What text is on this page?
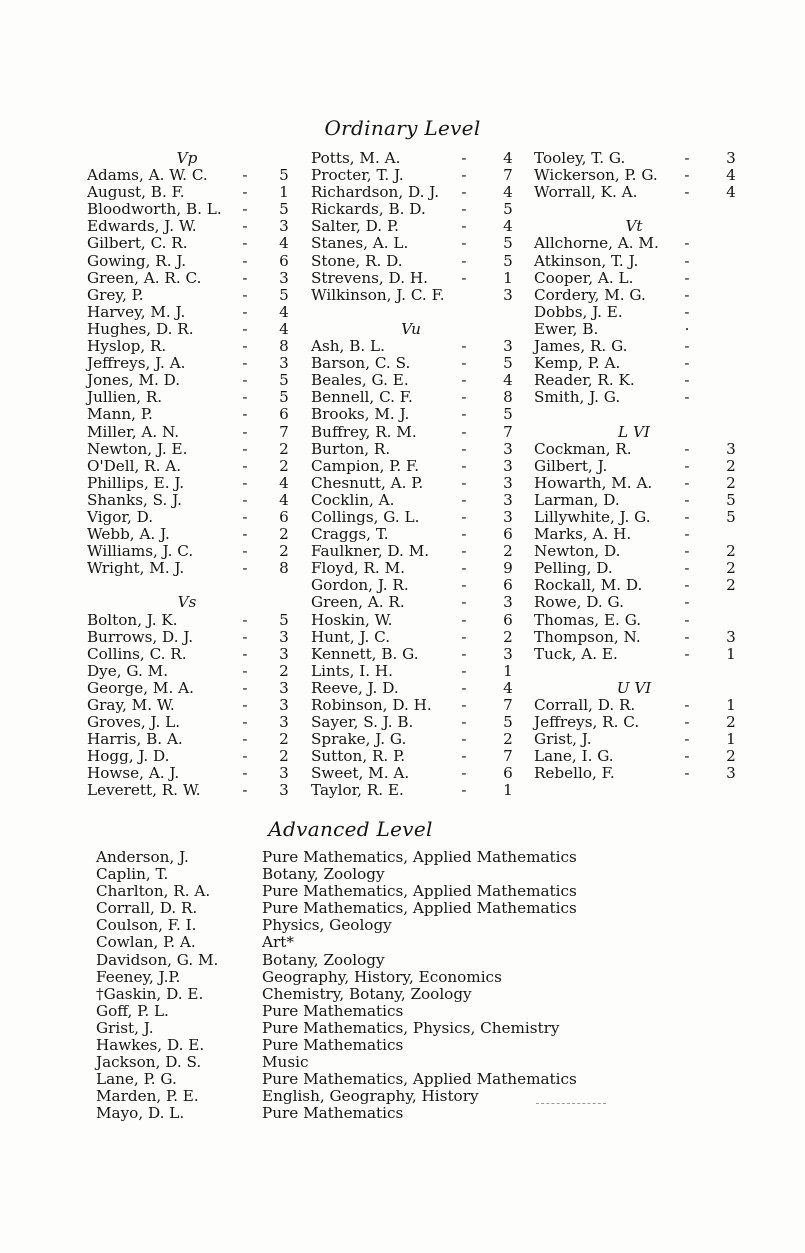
Ordinary Level
Vp
Adams, A. W. C. - 5
August, B. F.	- 1
Bloodworth, B. L. - 5
Edwards, J. W.	- 3
Gilbert, C. R.	- 4
Gowing, R. J.	- 6
Green, A. R. C.	- 3
Grey, P.	- 5
Harvey, M. J.	- 4
Hughes, D. R.	- 4
Hyslop, R.	- 8
Jeffreys, J. A.	- 3
Jones, M. D.	- 5
Jullien, R.	- 5
Mann, P.	- 6
Miller, A. N.	- 7
Newton, J. E.	- 2
O'Dell, R. A.	- 2
Phillips, E. J.	- 4
Shanks, S. J.	- 4
Vigor, D.	- 6
Webb, A. J.	- 2
Williams, J. C.	- 2
Wright, M. J.	- 8
Vs
Bolton, J. K.	- 5
Burrows, D. J.	- 3
Collins, C. R.	- 3
Dye, G. M.	- 2
George, M. A.	- 3
Gray, M. W.	- 3
Groves, J. L.	- 3
Harris, B. A.	- 2
Hogg, J. D.	- 2
Howse, A. J.	- 3
Leverett, R. W.	- 3
Potts, M. A.	- 4
Procter, T. J.	- 7
Richardson, D. J. - 4
Rickards, B. D. - 5
Salter, D. P.	- 4
Stanes, A. L.	- 5
Stone, R. D.	- 5
Strevens, D. H. - 1
Wilkinson, J. C. F.	3
Vu
Ash, B. L.	- 3
Barson, C. S.	- 5
Beales, G. E.	- 4
Bennell, C. F.	- 8
Brooks, M. J.	- 5
Buffrey, R. M.	- 7
Burton, R.	- 3
Campion, P. F.	- 3
Chesnutt, A. P.	- 3
Cocklin, A.	- 3
Collings, G. L.	- 3
Craggs, T.	- 6
Faulkner, D. M. - 2
Floyd, R. M.	- 9
Gordon, J. R.	- 6
Green, A. R.	- 3
Hoskin, W.	- 6
Hunt, J. C.	- 2
Kennett, B. G.	- 3
Lints, I. H.	- 1
Reeve, J. D.	- 4
Robinson, D. H. - 7
Sayer, S. J. B.	- 5
Sprake, J. G.	- 2
Sutton, R. P.	- 7
Sweet, M. A.	- 6
Taylor, R. E.	- 1
Tooley, T. G.	- 3
Wickerson, P. G. - 4
Worrall, K. A.	- 4
Vt
Allchorne, A. M. -
Atkinson, T. J.	-
Cooper, A. L.	-
Cordery, M. G.	-
Dobbs, J. E.	-
Ewer, B.	·
James, R. G.	-
Kemp, P. A.	-
Reader, R. K.	-
Smith, J. G.	-
L VI
Cockman, R.	- 3
Gilbert, J.	- 2
Howarth, M. A. - 2
Larman, D.	- 5
Lillywhite, J. G. - 5
Marks, A. H.	-
Newton, D.	- 2
Pelling, D.	- 2
Rockall, M. D.	- 2
Rowe, D. G.	-
Thomas, E. G.	-
Thompson, N.	- 3
Tuck, A. E.	- 1
U VI
Corrall, D. R.	- 1
Jeffreys, R. C.	- 2
Grist, J.	- 1
Lane, I. G.	- 2
Rebello, F.	- 3
Advanced Level
Anderson, J.	Pure Mathematics, Applied Mathematics
Caplin, T.	Botany, Zoology
Charlton, R. A.	Pure Mathematics, Applied Mathematics
Corrall, D. R.	Pure Mathematics, Applied Mathematics
Coulson, F. I.	Physics, Geology
Cowlan, P. A.	Art*
Davidson, G. M.	Botany, Zoology
Feeney, J.P.	Geography, History, Economics
†Gaskin, D. E.	Chemistry, Botany, Zoology
Goff, P. L.	Pure Mathematics
Grist, J.	Pure Mathematics, Physics, Chemistry
Hawkes, D. E.	Pure Mathematics
Jackson, D. S.	Music
Lane, P. G.	Pure Mathematics, Applied Mathematics
Marden, P. E.	English, Geography, History
Mayo, D. L.	Pure Mathematics
